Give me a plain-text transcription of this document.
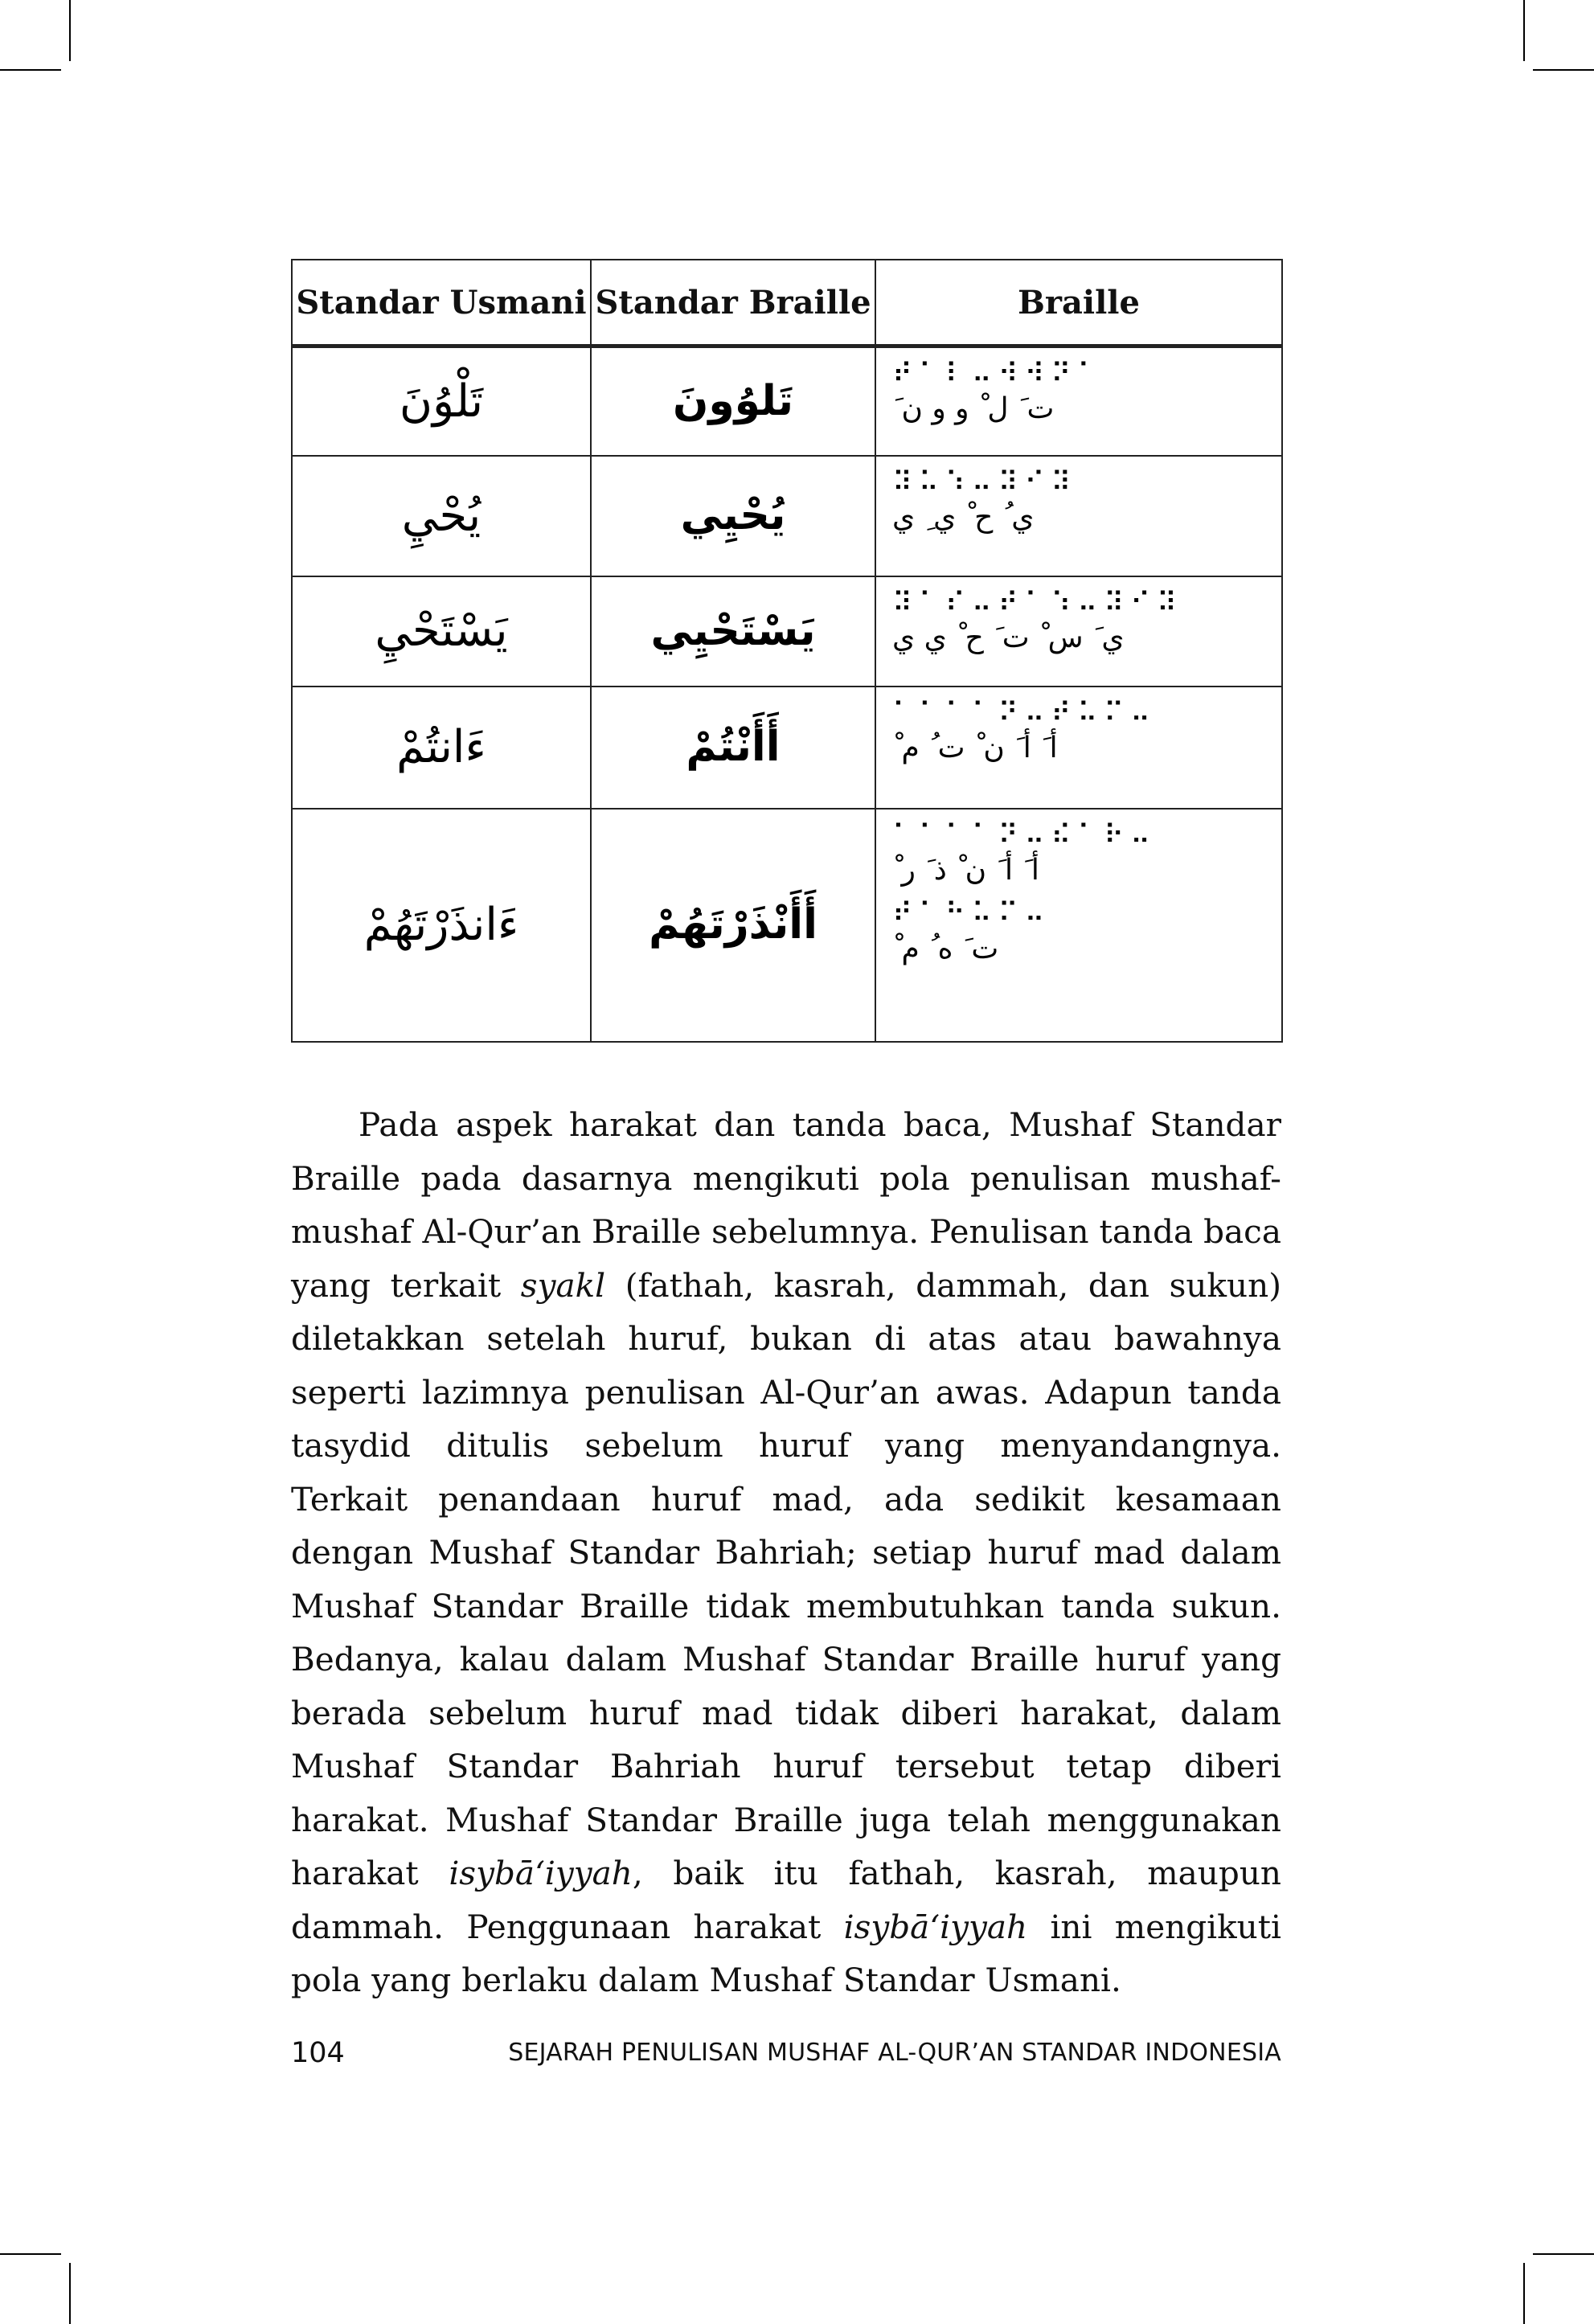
Standar Usmani	Standar Braille	Braille
تَلْوُنَ	تَلوُونَ	⠞⠁⠇⠤⠺⠺⠝⠁
ت َ ل ْ و و ن َ

يُحْيِ	يُحْيِي	⠽⠥⠱⠤⠽⠊⠽
ي ُ ح ْ ي ِ ي

يَسْتَحْيِ	يَسْتَحْيِي	⠽⠁⠎⠤⠞⠁⠱⠤⠽⠊⠽
ي َ س ْ ت َ ح ْ ي ي

ءَانتُمْ	أَأَنْتُمْ	⠁⠁⠁⠁⠝⠤⠞⠥⠍⠤
أ َ أ َ ن ْ ت ُ م ْ

ءَانذَرْتَهُمْ	أَأَنْذَرْتَهُمْ	⠁⠁⠁⠁⠝⠤⠮⠁⠗⠤
أ َ أ َ ن ْ ذ َ ر ْ
⠞⠁⠓⠥⠍⠤
ت َ ه ُ م ْ

Pada aspek harakat dan tanda baca, Mushaf Standar Braille pada dasarnya mengikuti pola penulisan mushaf-mushaf Al-Qur’an Braille sebelumnya. Penulisan tanda baca yang terkait syakl (fathah, kasrah, dammah, dan sukun) diletakkan setelah huruf, bukan di atas atau bawahnya seperti lazimnya penulisan Al-Qur’an awas. Adapun tanda tasydid ditulis sebelum huruf yang menyandangnya. Terkait penandaan huruf mad, ada sedikit kesamaan dengan Mushaf Standar Bahriah; setiap huruf mad dalam Mushaf Standar Braille tidak membutuhkan tanda sukun. Bedanya, kalau dalam Mushaf Standar Braille huruf yang berada sebelum huruf mad tidak diberi harakat, dalam Mushaf Standar Bahriah huruf tersebut tetap diberi harakat. Mushaf Standar Braille juga telah menggunakan harakat isybā‘iyyah, baik itu fathah, kasrah, maupun dammah. Penggunaan harakat isybā‘iyyah ini mengikuti pola yang berlaku dalam Mushaf Standar Usmani.

104	SEJARAH PENULISAN MUSHAF AL-QUR’AN STANDAR INDONESIA
